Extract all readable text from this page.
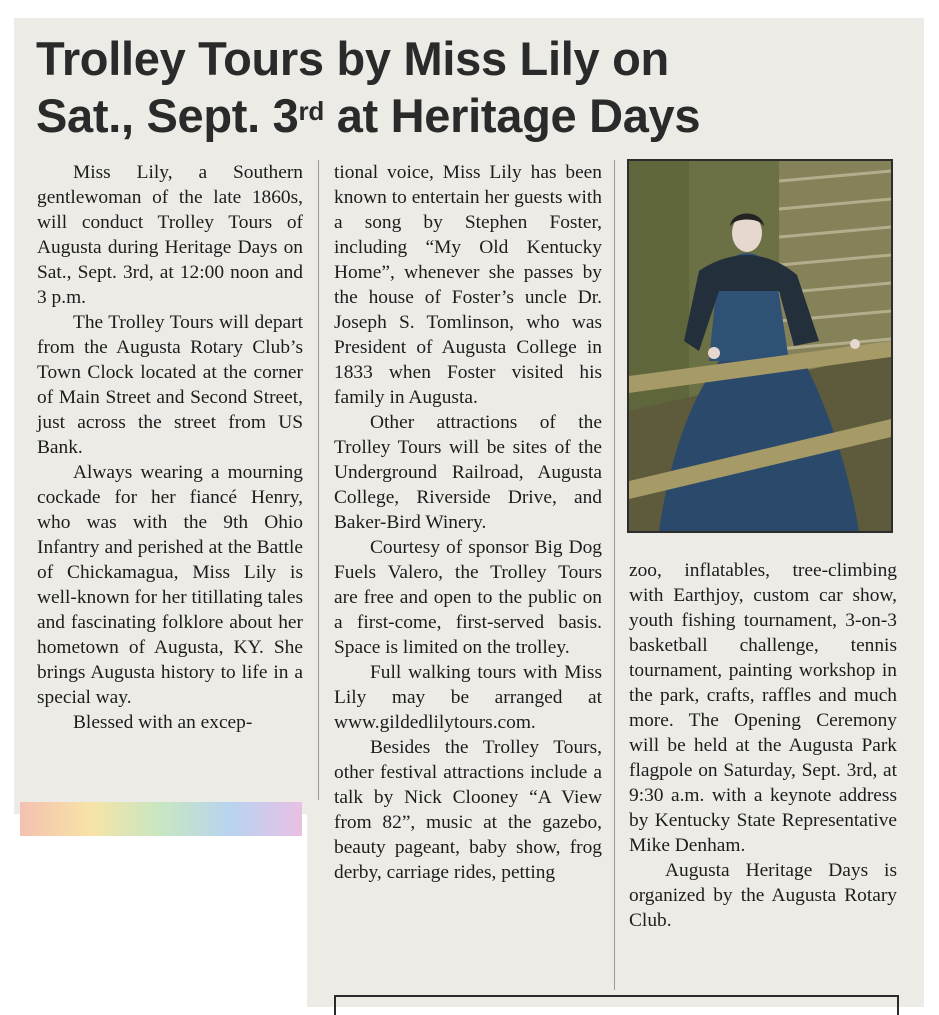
Trolley Tours by Miss Lily on
Sat., Sept. 3rd at Heritage Days

Miss Lily, a Southern gentlewoman of the late 1860s, will conduct Trolley Tours of Augusta during Heritage Days on Sat., Sept. 3rd, at 12:00 noon and 3 p.m.

The Trolley Tours will depart from the Augusta Rotary Club’s Town Clock located at the corner of Main Street and Second Street, just across the street from US Bank.

Always wearing a mourning cockade for her fiancé Henry, who was with the 9th Ohio Infantry and perished at the Battle of Chickamagua, Miss Lily is well-known for her titillating tales and fascinating folklore about her hometown of Augusta, KY. She brings Augusta history to life in a special way.

Blessed with an excep-

tional voice, Miss Lily has been known to entertain her guests with a song by Stephen Foster, including “My Old Kentucky Home”, whenever she passes by the house of Foster’s uncle Dr. Joseph S. Tomlinson, who was President of Augusta College in 1833 when Foster visited his family in Augusta.

Other attractions of the Trolley Tours will be sites of the Underground Railroad, Augusta College, Riverside Drive, and Baker-Bird Winery.

Courtesy of sponsor Big Dog Fuels Valero, the Trolley Tours are free and open to the public on a first-come, first-served basis. Space is limited on the trolley.

Full walking tours with Miss Lily may be arranged at www.gildedlilytours.com.

Besides the Trolley Tours, other festival attractions include a talk by Nick Clooney “A View from 82”, music at the gazebo, beauty pageant, baby show, frog derby, carriage rides, petting

zoo, inflatables, tree-climbing with Earthjoy, custom car show, youth fishing tournament, 3-on-3 basketball challenge, tennis tournament, painting workshop in the park, crafts, raffles and much more. The Opening Ceremony will be held at the Augusta Park flagpole on Saturday, Sept. 3rd, at 9:30 a.m. with a keynote address by Kentucky State Representative Mike Denham.

Augusta Heritage Days is organized by the Augusta Rotary Club.
